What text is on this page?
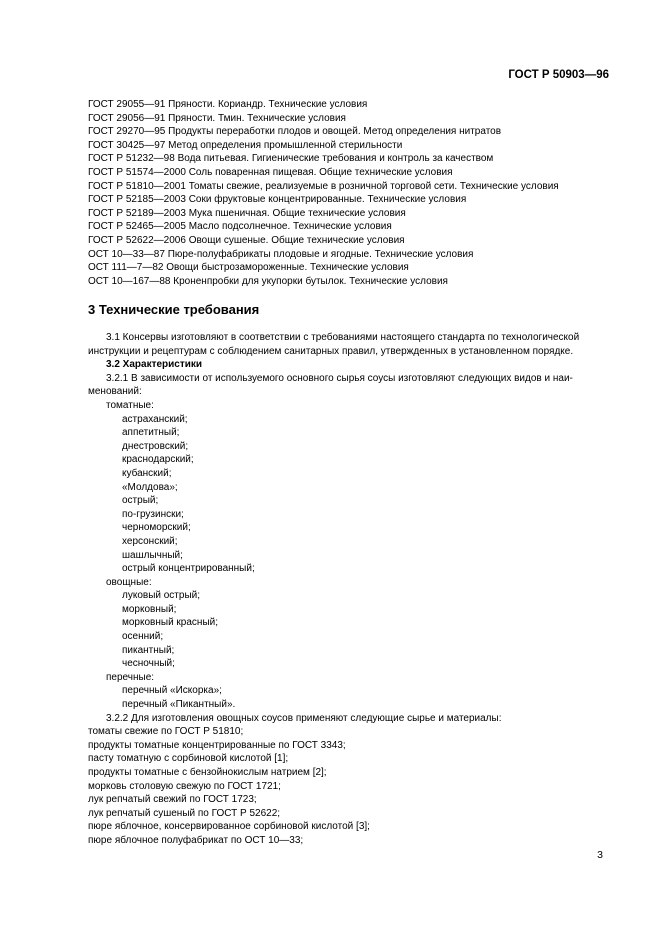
ГОСТ Р 50903—96
ГОСТ 29055—91 Пряности. Кориандр. Технические условия
ГОСТ 29056—91 Пряности. Тмин. Технические условия
ГОСТ 29270—95 Продукты переработки плодов и овощей. Метод определения нитратов
ГОСТ 30425—97 Метод определения промышленной стерильности
ГОСТ Р 51232—98 Вода питьевая. Гигиенические требования и контроль за качеством
ГОСТ Р 51574—2000 Соль поваренная пищевая. Общие технические условия
ГОСТ Р 51810—2001 Томаты свежие, реализуемые в розничной торговой сети. Технические условия
ГОСТ Р 52185—2003 Соки фруктовые концентрированные. Технические условия
ГОСТ Р 52189—2003 Мука пшеничная. Общие технические условия
ГОСТ Р 52465—2005 Масло подсолнечное. Технические условия
ГОСТ Р 52622—2006 Овощи сушеные. Общие технические условия
ОСТ 10—33—87 Пюре-полуфабрикаты плодовые и ягодные. Технические условия
ОСТ 111—7—82 Овощи быстрозамороженные. Технические условия
ОСТ 10—167—88 Кроненпробки для укупорки бутылок. Технические условия
3 Технические требования
3.1 Консервы изготовляют в соответствии с требованиями настоящего стандарта по технологической
инструкции и рецептурам с соблюдением санитарных правил, утвержденных в установленном порядке.
3.2 Характеристики
3.2.1 В зависимости от используемого основного сырья соусы изготовляют следующих видов и наи-
менований:
томатные:
астраханский;
аппетитный;
днестровский;
краснодарский;
кубанский;
«Молдова»;
острый;
по-грузински;
черноморский;
херсонский;
шашлычный;
острый концентрированный;
овощные:
луковый острый;
морковный;
морковный красный;
осенний;
пикантный;
чесночный;
перечные:
перечный «Искорка»;
перечный «Пикантный».
3.2.2 Для изготовления овощных соусов применяют следующие сырье и материалы:
томаты свежие по ГОСТ Р 51810;
продукты томатные концентрированные по ГОСТ 3343;
пасту томатную с сорбиновой кислотой [1];
продукты томатные с бензойнокислым натрием [2];
морковь столовую свежую по ГОСТ 1721;
лук репчатый свежий по ГОСТ 1723;
лук репчатый сушеный по ГОСТ Р 52622;
пюре яблочное, консервированное сорбиновой кислотой [3];
пюре яблочное полуфабрикат по ОСТ 10—33;
3
